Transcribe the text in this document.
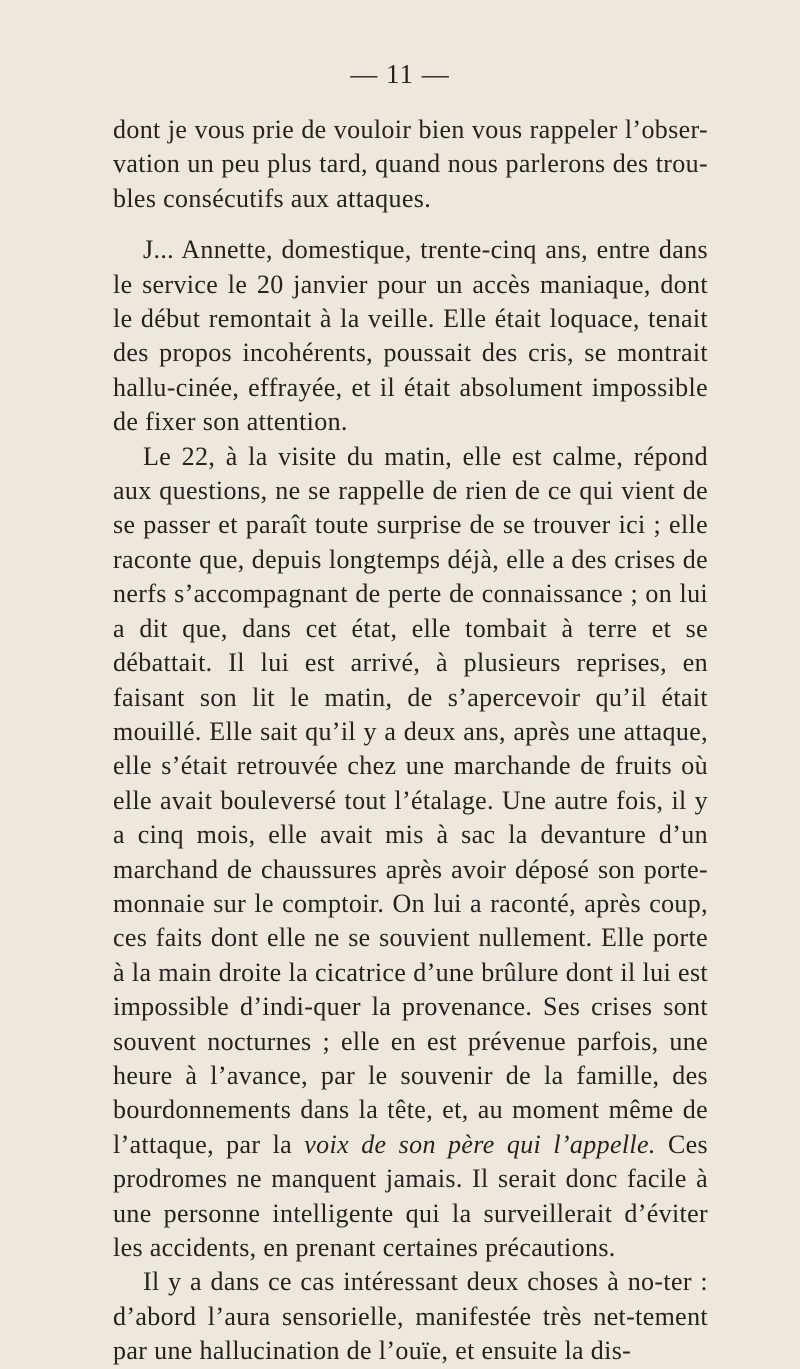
— 11 —

dont je vous prie de vouloir bien vous rappeler l’obser-vation un peu plus tard, quand nous parlerons des trou-bles consécutifs aux attaques.

J... Annette, domestique, trente-cinq ans, entre dans le service le 20 janvier pour un accès maniaque, dont le début remontait à la veille. Elle était loquace, tenait des propos incohérents, poussait des cris, se montrait hallu-cinée, effrayée, et il était absolument impossible de fixer son attention.

Le 22, à la visite du matin, elle est calme, répond aux questions, ne se rappelle de rien de ce qui vient de se passer et paraît toute surprise de se trouver ici ; elle raconte que, depuis longtemps déjà, elle a des crises de nerfs s’accompagnant de perte de connaissance ; on lui a dit que, dans cet état, elle tombait à terre et se débattait. Il lui est arrivé, à plusieurs reprises, en faisant son lit le matin, de s’apercevoir qu’il était mouillé. Elle sait qu’il y a deux ans, après une attaque, elle s’était retrouvée chez une marchande de fruits où elle avait bouleversé tout l’étalage. Une autre fois, il y a cinq mois, elle avait mis à sac la devanture d’un marchand de chaussures après avoir déposé son porte-monnaie sur le comptoir. On lui a raconté, après coup, ces faits dont elle ne se souvient nullement. Elle porte à la main droite la cicatrice d’une brûlure dont il lui est impossible d’indi-quer la provenance. Ses crises sont souvent nocturnes ; elle en est prévenue parfois, une heure à l’avance, par le souvenir de la famille, des bourdonnements dans la tête, et, au moment même de l’attaque, par la voix de son père qui l’appelle. Ces prodromes ne manquent jamais. Il serait donc facile à une personne intelligente qui la surveillerait d’éviter les accidents, en prenant certaines précautions.

Il y a dans ce cas intéressant deux choses à no-ter : d’abord l’aura sensorielle, manifestée très net-tement par une hallucination de l’ouïe, et ensuite la dis-
